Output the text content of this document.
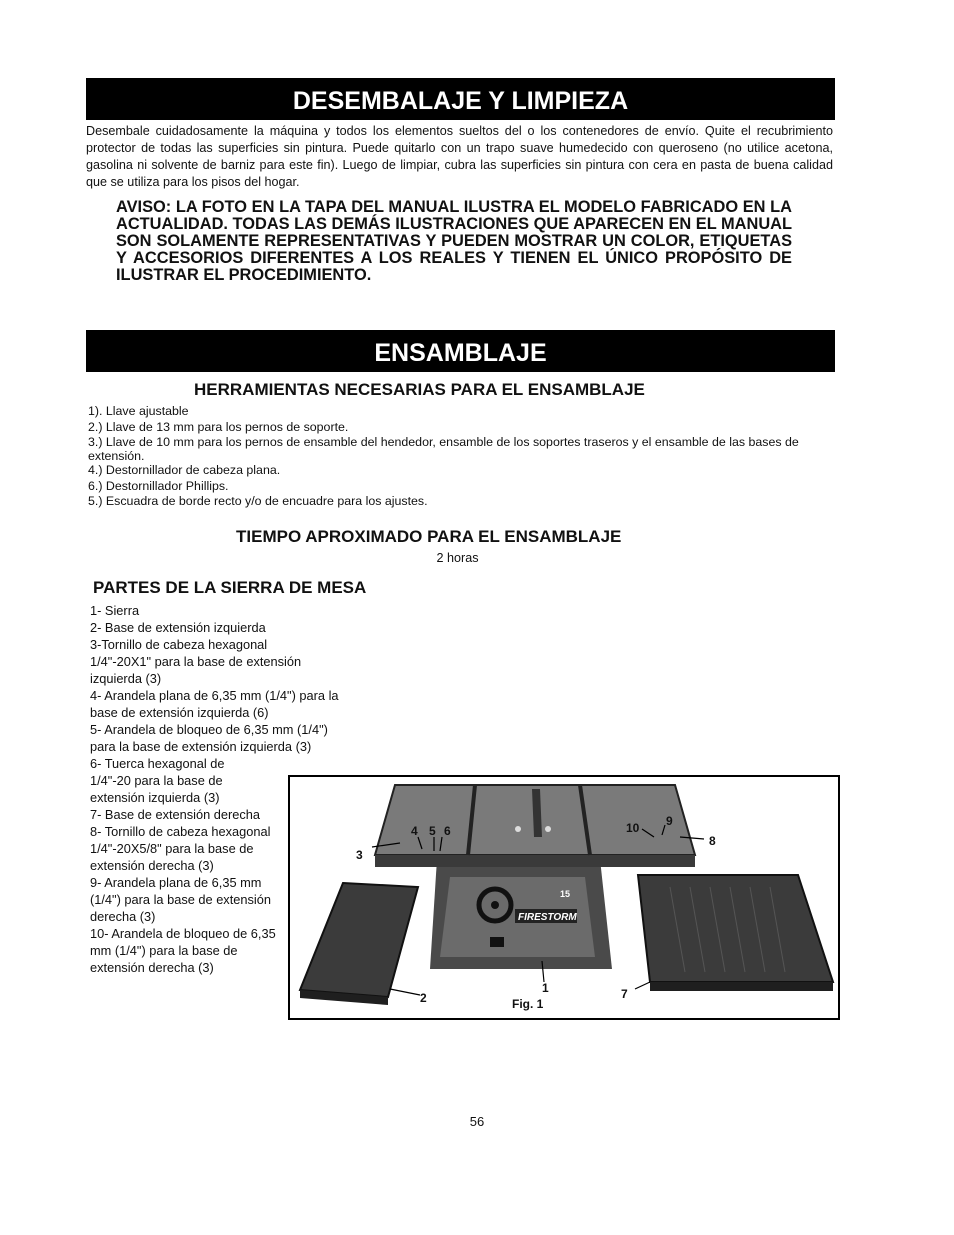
DESEMBALAJE Y LIMPIEZA
Desembale cuidadosamente la máquina y todos los elementos sueltos del o los contenedores de envío. Quite el recubrimiento protector de todas las superficies sin pintura. Puede quitarlo con un trapo suave humedecido con queroseno (no utilice acetona, gasolina ni solvente de barniz para este fin). Luego de limpiar, cubra las superficies sin pintura con cera en pasta de buena calidad que se utiliza para los pisos del hogar.
AVISO: LA FOTO EN LA TAPA DEL MANUAL ILUSTRA EL MODELO FABRICADO EN LA ACTUALIDAD. TODAS LAS DEMÁS ILUSTRACIONES QUE APARECEN EN EL MANUAL SON SOLAMENTE REPRESENTATIVAS Y PUEDEN MOSTRAR UN COLOR, ETIQUETAS Y ACCESORIOS DIFERENTES A LOS REALES Y TIENEN EL ÚNICO PROPÓSITO DE ILUSTRAR EL PROCEDIMIENTO.
ENSAMBLAJE
HERRAMIENTAS NECESARIAS PARA EL ENSAMBLAJE
1). Llave ajustable
2.) Llave de 13 mm para los pernos de soporte.
3.) Llave de 10 mm para los pernos de ensamble del hendedor, ensamble de los soportes traseros y el ensamble de las bases de extensión.
4.) Destornillador de cabeza plana.
6.) Destornillador Phillips.
5.) Escuadra de borde recto y/o de encuadre para los ajustes.
TIEMPO APROXIMADO PARA EL ENSAMBLAJE
2 horas
PARTES DE LA SIERRA DE MESA
1- Sierra
2- Base de extensión izquierda
3-Tornillo de cabeza hexagonal 1/4"-20X1" para la base de extensión izquierda (3)
4- Arandela plana de 6,35 mm (1/4") para la base de extensión izquierda (6)
5- Arandela de bloqueo de 6,35 mm (1/4") para la base de extensión izquierda (3)
6- Tuerca hexagonal de 1/4"-20 para la base de extensión izquierda (3)
7- Base de extensión derecha
8- Tornillo de cabeza hexagonal 1/4"-20X5/8" para la base de extensión derecha (3)
9- Arandela plana de 6,35 mm (1/4") para la base de extensión derecha (3)
10- Arandela de bloqueo de 6,35 mm (1/4") para la base de extensión derecha (3)
FIRESTORM
15
4 5 6
3
10 9
8
1
2	7
Fig. 1
56
